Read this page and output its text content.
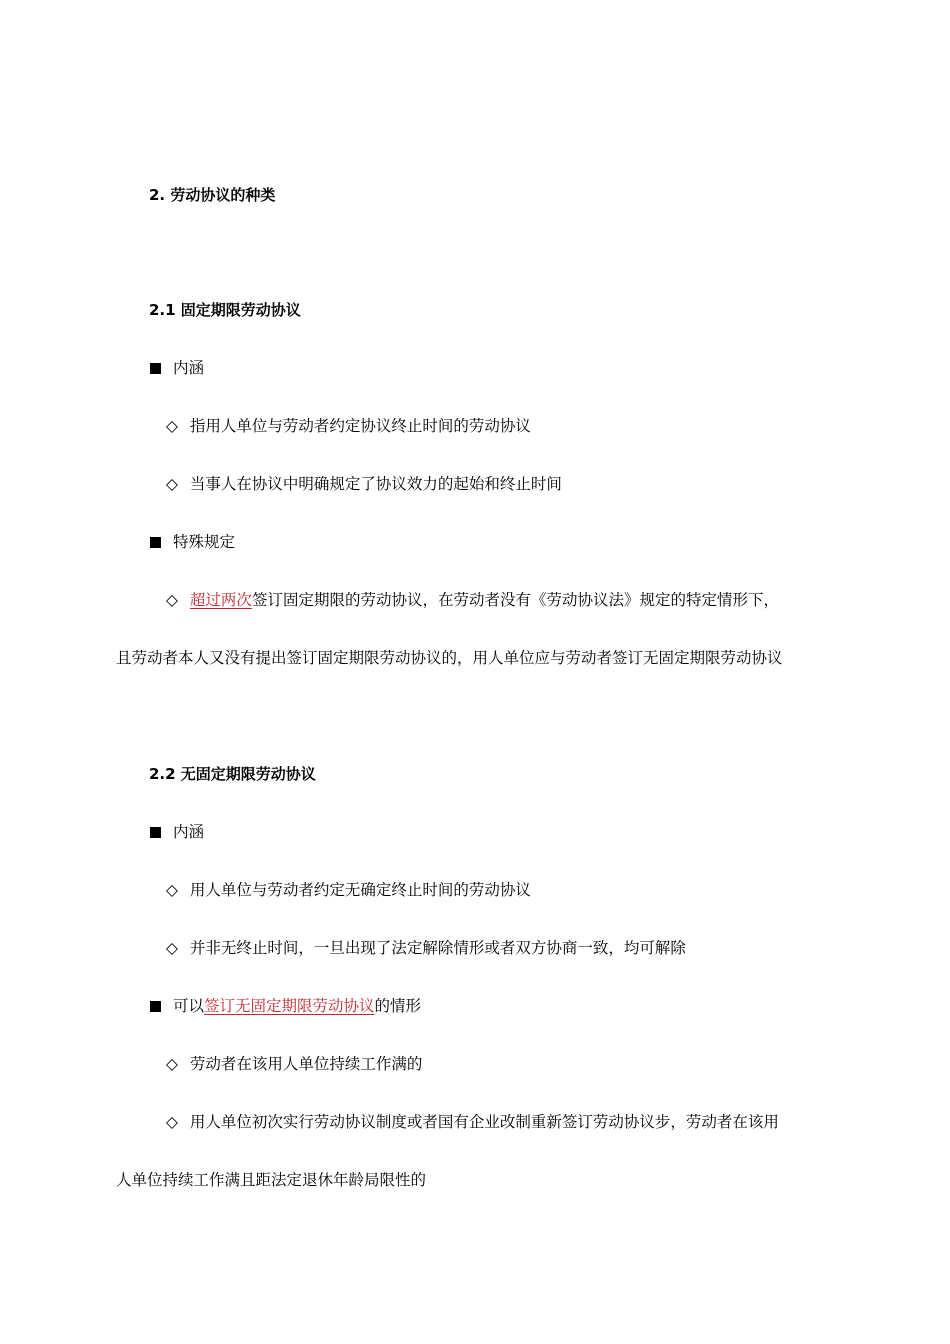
2. 劳动协议的种类
2.1 固定期限劳动协议
内涵
◇ 指用人单位与劳动者约定协议终止时间的劳动协议
◇ 当事人在协议中明确规定了协议效力的起始和终止时间
特殊规定
◇ 超过两次签订固定期限的劳动协议，在劳动者没有《劳动协议法》规定的特定情形下，
且劳动者本人又没有提出签订固定期限劳动协议的，用人单位应与劳动者签订无固定期限劳动协议
2.2 无固定期限劳动协议
内涵
◇ 用人单位与劳动者约定无确定终止时间的劳动协议
◇ 并非无终止时间，一旦出现了法定解除情形或者双方协商一致，均可解除
可以签订无固定期限劳动协议的情形
◇ 劳动者在该用人单位持续工作满的
◇ 用人单位初次实行劳动协议制度或者国有企业改制重新签订劳动协议步，劳动者在该用
人单位持续工作满且距法定退休年龄局限性的
